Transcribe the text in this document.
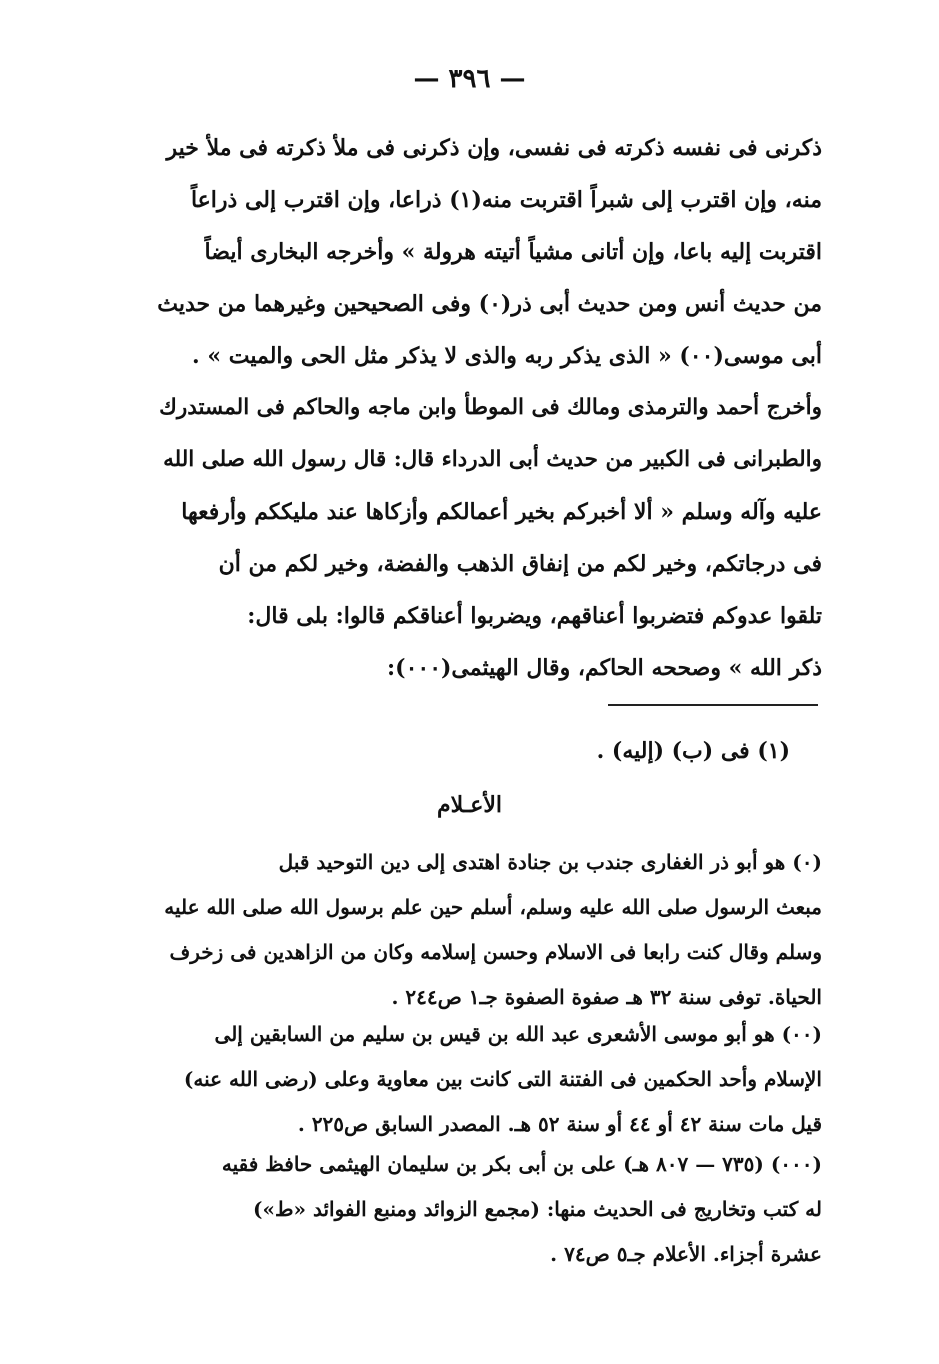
— ٣٩٦ —
ذكرنى فى نفسه ذكرته فى نفسى، وإن ذكرنى فى ملأ ذكرته فى ملأ خير
منه، وإن اقترب إلى شبراً اقتربت منه(١) ذراعا، وإن اقترب إلى ذراعاً
اقتربت إليه باعا، وإن أتانى مشياً أتيته هرولة » وأخرجه البخارى أيضاً
من حديث أنس ومن حديث أبى ذر(٠) وفى الصحيحين وغيرهما من حديث
أبى موسى(٠٠) « الذى يذكر ربه والذى لا يذكر مثل الحى والميت » .
وأخرج أحمد والترمذى ومالك فى الموطأ وابن ماجه والحاكم فى المستدرك
والطبرانى فى الكبير من حديث أبى الدرداء قال: قال رسول الله صلى الله
عليه وآله وسلم « ألا أخبركم بخير أعمالكم وأزكاها عند مليككم وأرفعها
فى درجاتكم، وخير لكم من إنفاق الذهب والفضة، وخير لكم من أن
تلقوا عدوكم فتضربوا أعناقهم، ويضربوا أعناقكم قالوا: بلى قال:
ذكر الله » وصححه الحاكم، وقال الهيثمى(٠٠٠):
(١) فى (ب) (إليه) .
الأعـلام
(٠) هو أبو ذر الغفارى جندب بن جنادة اهتدى إلى دين التوحيد قبل
مبعث الرسول صلى الله عليه وسلم، أسلم حين علم برسول الله صلى الله عليه
وسلم وقال كنت رابعا فى الاسلام وحسن إسلامه وكان من الزاهدين فى زخرف
الحياة. توفى سنة ٣٢ هـ صفوة الصفوة جـ١ ص٢٤٤ .
(٠٠) هو أبو موسى الأشعرى عبد الله بن قيس بن سليم من السابقين إلى
الإسلام وأحد الحكمين فى الفتنة التى كانت بين معاوية وعلى (رضى الله عنه)
قيل مات سنة ٤٢ أو ٤٤ أو سنة ٥٢ هـ. المصدر السابق ص٢٢٥ .
(٠٠٠) (٧٣٥ — ٨٠٧ هـ) على بن أبى بكر بن سليمان الهيثمى حافظ فقيه
له كتب وتخاريج فى الحديث منها: (مجمع الزوائد ومنبع الفوائد «ط»)
عشرة أجزاء. الأعلام جـ٥ ص٧٤ .
